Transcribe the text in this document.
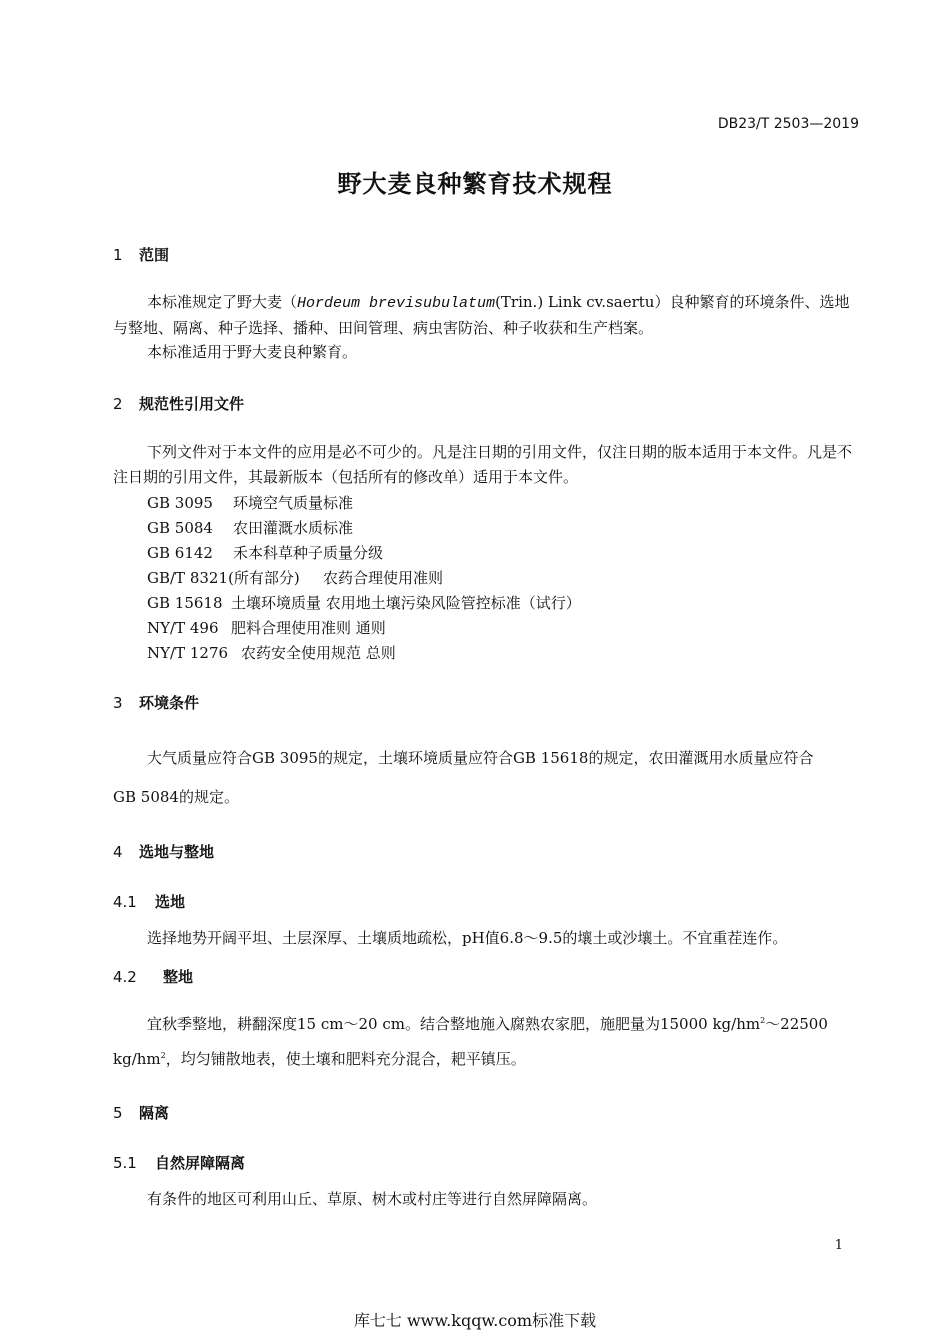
DB23/T 2503—2019
野大麦良种繁育技术规程
1 范围
本标准规定了野大麦（Hordeum brevisubulatum(Trin.) Link cv.saertu）良种繁育的环境条件、选地与整地、隔离、种子选择、播种、田间管理、病虫害防治、种子收获和生产档案。
本标准适用于野大麦良种繁育。
2 规范性引用文件
下列文件对于本文件的应用是必不可少的。凡是注日期的引用文件，仅注日期的版本适用于本文件。凡是不注日期的引用文件，其最新版本（包括所有的修改单）适用于本文件。
GB 3095 环境空气质量标准
GB 5084 农田灌溉水质标准
GB 6142 禾本科草种子质量分级
GB/T 8321(所有部分) 农药合理使用准则
GB 15618 土壤环境质量 农用地土壤污染风险管控标准（试行）
NY/T 496 肥料合理使用准则 通则
NY/T 1276 农药安全使用规范 总则
3 环境条件
大气质量应符合GB 3095的规定，土壤环境质量应符合GB 15618的规定，农田灌溉用水质量应符合
GB 5084的规定。
4 选地与整地
4.1 选地
选择地势开阔平坦、土层深厚、土壤质地疏松，pH值6.8～9.5的壤土或沙壤土。不宜重茬连作。
4.2 整地
宜秋季整地，耕翻深度15 cm～20 cm。结合整地施入腐熟农家肥，施肥量为15000 $kg/hm^2\sim 22500$
$kg/hm^2$，均匀铺散地表，使土壤和肥料充分混合，耙平镇压。
5 隔离
5.1 自然屏障隔离
有条件的地区可利用山丘、草原、树木或村庄等进行自然屏障隔离。
1
库七七 www.kqqw.com标准下载
